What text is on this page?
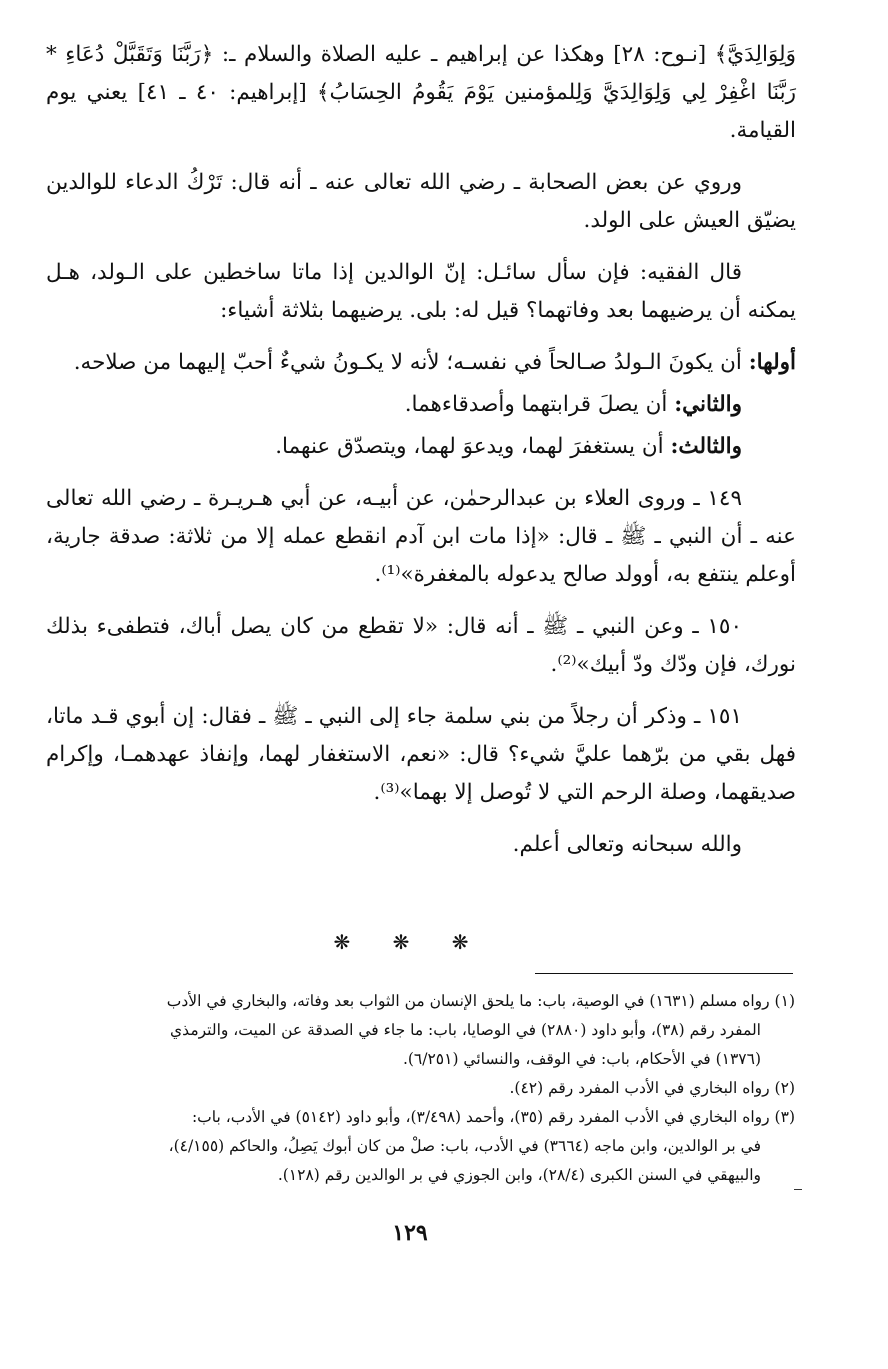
وَلِوَالِدَيَّ﴾ [نـوح: ٢٨] وهكذا عن إبراهيم ـ عليه الصلاة والسلام ـ: ﴿رَبَّنَا وَتَقَبَّلْ دُعَاءِ * رَبَّنَا اغْفِرْ لِي وَلِوَالِدَيَّ وَلِلمؤمنين يَوْمَ يَقُومُ الحِسَابُ﴾ [إبراهيم: ٤٠ ـ ٤١] يعني يوم القيامة.

وروي عن بعض الصحابة ـ رضي الله تعالى عنه ـ أنه قال: تَرْكُ الدعاء للوالدين يضيّق العيش على الولد.

قال الفقيه: فإن سأل سائـل: إنّ الوالدين إذا ماتا ساخطين على الـولد، هـل يمكنه أن يرضيهما بعد وفاتهما؟ قيل له: بلى. يرضيهما بثلاثة أشياء:

أولها: أن يكونَ الـولدُ صـالحاً في نفسـه؛ لأنه لا يكـونُ شيءٌ أحبّ إليهما من صلاحه.

والثاني: أن يصلَ قرابتهما وأصدقاءهما.

والثالث: أن يستغفرَ لهما، ويدعوَ لهما، ويتصدّق عنهما.

١٤٩ ـ وروى العلاء بن عبدالرحمٰن، عن أبيـه، عن أبي هـريـرة ـ رضي الله تعالى عنه ـ أن النبي ـ ﷺ ـ قال: «إذا مات ابن آدم انقطع عمله إلا من ثلاثة: صدقة جارية، أوعلم ينتفع به، أوولد صالح يدعوله بالمغفرة»⁽¹⁾.

١٥٠ ـ وعن النبي ـ ﷺ ـ أنه قال: «لا تقطع من كان يصل أباك، فتطفىء بذلك نورك، فإن ودّك ودّ أبيك»⁽²⁾.

١٥١ ـ وذكر أن رجلاً من بني سلمة جاء إلى النبي ـ ﷺ ـ فقال: إن أبوي قـد ماتا، فهل بقي من برّهما عليَّ شيء؟ قال: «نعم، الاستغفار لهما، وإنفاذ عهدهمـا، وإكرام صديقهما، وصلة الرحم التي لا تُوصل إلا بهما»⁽³⁾.

والله سبحانه وتعالى أعلم.

❋ ❋ ❋

(١) رواه مسلم (١٦٣١) في الوصية، باب: ما يلحق الإنسان من الثواب بعد وفاته، والبخاري في الأدب

المفرد رقم (٣٨)، وأبو داود (٢٨٨٠) في الوصايا، باب: ما جاء في الصدقة عن الميت، والترمذي

(١٣٧٦) في الأحكام، باب: في الوقف، والنسائي (٦/٢٥١).

(٢) رواه البخاري في الأدب المفرد رقم (٤٢).

(٣) رواه البخاري في الأدب المفرد رقم (٣٥)، وأحمد (٣/٤٩٨)، وأبو داود (٥١٤٢) في الأدب، باب:

في بر الوالدين، وابن ماجه (٣٦٦٤) في الأدب، باب: صلْ من كان أبوك يَصِلُ، والحاكم (٤/١٥٥)،

والبيهقي في السنن الكبرى (٢٨/٤)، وابن الجوزي في بر الوالدين رقم (١٢٨).

١٢٩
